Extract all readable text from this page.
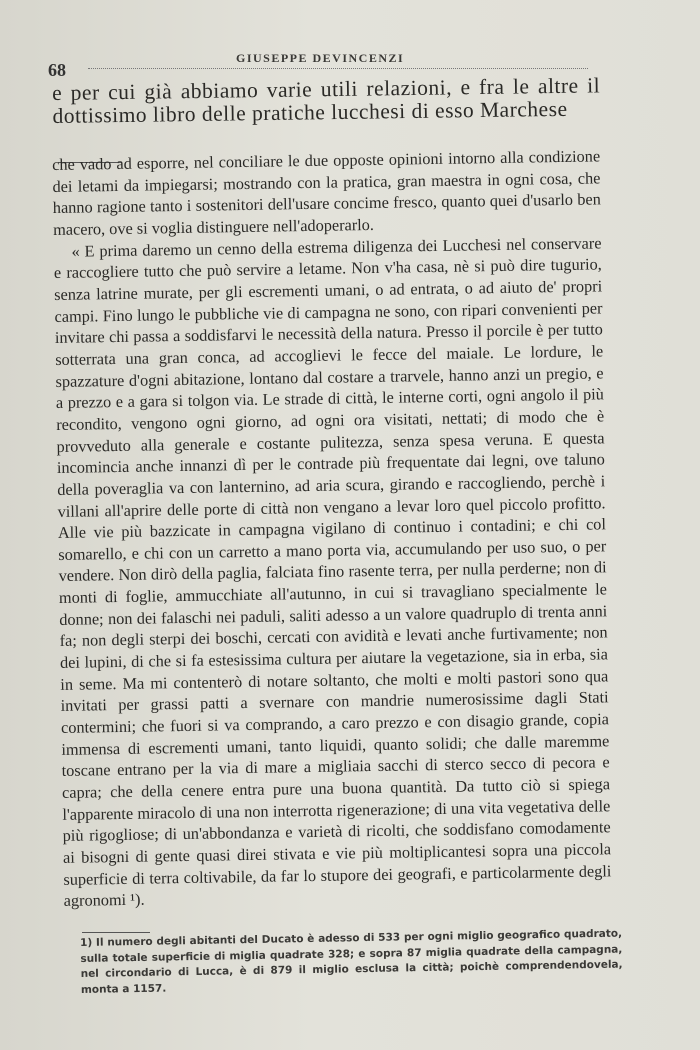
68
GIUSEPPE DEVINCENZI

e per cui già abbiamo varie utili relazioni, e fra le altre il dottissimo libro delle pratiche lucchesi di esso Marchese

che vado ad esporre, nel conciliare le due opposte opinioni intorno alla condizione dei letami da impiegarsi; mostrando con la pratica, gran maestra in ogni cosa, che hanno ragione tanto i sostenitori dell'usare concime fresco, quanto quei d'usarlo ben macero, ove si voglia distinguere nell'adoperarlo.

« E prima daremo un cenno della estrema diligenza dei Lucchesi nel conservare e raccogliere tutto che può servire a letame. Non v'ha casa, nè si può dire tugurio, senza latrine murate, per gli escrementi umani, o ad entrata, o ad aiuto de' propri campi. Fino lungo le pubbliche vie di campagna ne sono, con ripari convenienti per invitare chi passa a soddisfarvi le necessità della natura. Presso il porcile è per tutto sotterrata una gran conca, ad accoglievi le fecce del maiale. Le lordure, le spazzature d'ogni abitazione, lontano dal costare a trarvele, hanno anzi un pregio, e a prezzo e a gara si tolgon via. Le strade di città, le interne corti, ogni angolo il più recondito, vengono ogni giorno, ad ogni ora visitati, nettati; di modo che è provveduto alla generale e costante pulitezza, senza spesa veruna. E questa incomincia anche innanzi dì per le contrade più frequentate dai legni, ove taluno della poveraglia va con lanternino, ad aria scura, girando e raccogliendo, perchè i villani all'aprire delle porte di città non vengano a levar loro quel piccolo profitto. Alle vie più bazzicate in campagna vigilano di continuo i contadini; e chi col somarello, e chi con un carretto a mano porta via, accumulando per uso suo, o per vendere. Non dirò della paglia, falciata fino rasente terra, per nulla perderne; non di monti di foglie, ammucchiate all'autunno, in cui si travagliano specialmente le donne; non dei falaschi nei paduli, saliti adesso a un valore quadruplo di trenta anni fa; non degli sterpi dei boschi, cercati con avidità e levati anche furtivamente; non dei lupini, di che si fa estesissima cultura per aiutare la vegetazione, sia in erba, sia in seme. Ma mi contenterò di notare soltanto, che molti e molti pastori sono qua invitati per grassi patti a svernare con mandrie numerosissime dagli Stati contermini; che fuori si va comprando, a caro prezzo e con disagio grande, copia immensa di escrementi umani, tanto liquidi, quanto solidi; che dalle maremme toscane entrano per la via di mare a migliaia sacchi di sterco secco di pecora e capra; che della cenere entra pure una buona quantità. Da tutto ciò si spiega l'apparente miracolo di una non interrotta rigenerazione; di una vita vegetativa delle più rigogliose; di un'abbondanza e varietà di ricolti, che soddisfano comodamente ai bisogni di gente quasi direi stivata e vie più moltiplicantesi sopra una piccola superficie di terra coltivabile, da far lo stupore dei geografi, e particolarmente degli agronomi ¹).

1) Il numero degli abitanti del Ducato è adesso di 533 per ogni miglio geografico quadrato, sulla totale superficie di miglia quadrate 328; e sopra 87 miglia quadrate della campagna, nel circondario di Lucca, è di 879 il miglio esclusa la città; poichè comprendendovela, monta a 1157.
